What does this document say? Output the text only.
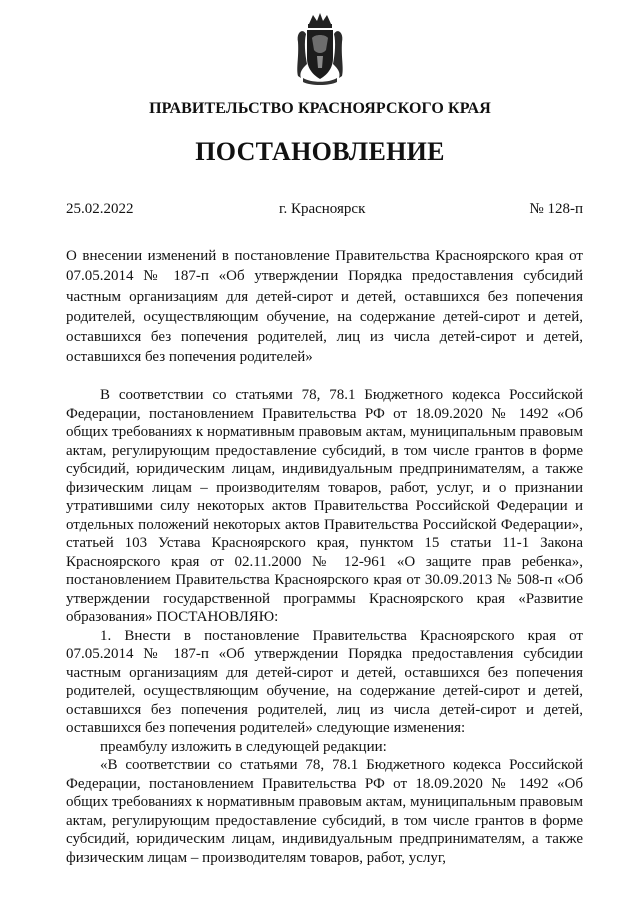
ПРАВИТЕЛЬСТВО КРАСНОЯРСКОГО КРАЯ
ПОСТАНОВЛЕНИЕ
25.02.2022	г. Красноярск	№ 128-п
О внесении изменений в постановление Правительства Красноярского края от 07.05.2014 № 187-п «Об утверждении Порядка предоставления субсидий частным организациям для детей-сирот и детей, оставшихся без попечения родителей, осуществляющим обучение, на содержание детей-сирот и детей, оставшихся без попечения родителей, лиц из числа детей-сирот и детей, оставшихся без попечения родителей»

В соответствии со статьями 78, 78.1 Бюджетного кодекса Российской Федерации, постановлением Правительства РФ от 18.09.2020 № 1492 «Об общих требованиях к нормативным правовым актам, муниципальным правовым актам, регулирующим предоставление субсидий, в том числе грантов в форме субсидий, юридическим лицам, индивидуальным предпринимателям, а также физическим лицам – производителям товаров, работ, услуг, и о признании утратившими силу некоторых актов Правительства Российской Федерации и отдельных положений некоторых актов Правительства Российской Федерации», статьей 103 Устава Красноярского края, пунктом 15 статьи 11-1 Закона Красноярского края от 02.11.2000 № 12-961 «О защите прав ребенка», постановлением Правительства Красноярского края от 30.09.2013 № 508-п «Об утверждении государственной программы Красноярского края «Развитие образования» ПОСТАНОВЛЯЮ:

1. Внести в постановление Правительства Красноярского края от 07.05.2014 № 187-п «Об утверждении Порядка предоставления субсидии частным организациям для детей-сирот и детей, оставшихся без попечения родителей, осуществляющим обучение, на содержание детей-сирот и детей, оставшихся без попечения родителей, лиц из числа детей-сирот и детей, оставшихся без попечения родителей» следующие изменения:

преамбулу изложить в следующей редакции:

«В соответствии со статьями 78, 78.1 Бюджетного кодекса Российской Федерации, постановлением Правительства РФ от 18.09.2020 № 1492 «Об общих требованиях к нормативным правовым актам, муниципальным правовым актам, регулирующим предоставление субсидий, в том числе грантов в форме субсидий, юридическим лицам, индивидуальным предпринимателям, а также физическим лицам – производителям товаров, работ, услуг,
